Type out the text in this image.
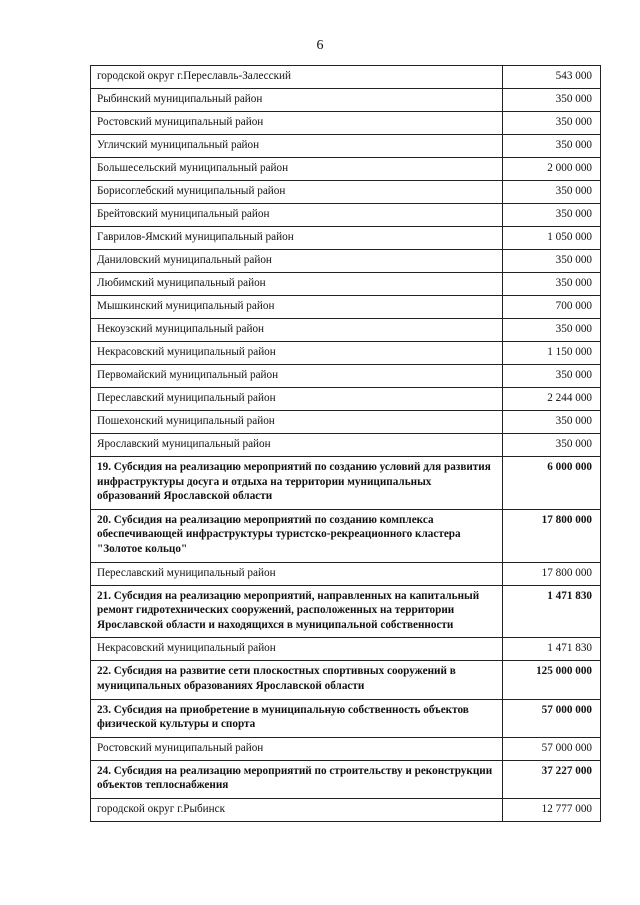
6
городской округ г.Переславль-Залесский	543 000
Рыбинский муниципальный район	350 000
Ростовский муниципальный район	350 000
Угличский муниципальный район	350 000
Большесельский муниципальный район	2 000 000
Борисоглебский муниципальный район	350 000
Брейтовский муниципальный район	350 000
Гаврилов-Ямский муниципальный район	1 050 000
Даниловский муниципальный район	350 000
Любимский муниципальный район	350 000
Мышкинский муниципальный район	700 000
Некоузский муниципальный район	350 000
Некрасовский муниципальный район	1 150 000
Первомайский муниципальный район	350 000
Переславский муниципальный район	2 244 000
Пошехонский муниципальный район	350 000
Ярославский муниципальный район	350 000
19. Субсидия на реализацию мероприятий по созданию условий для развития инфраструктуры досуга и отдыха на территории муниципальных образований Ярославской области	6 000 000
20. Субсидия на реализацию мероприятий по созданию комплекса обеспечивающей инфраструктуры туристско-рекреационного кластера "Золотое кольцо"	17 800 000
Переславский муниципальный район	17 800 000
21. Субсидия на реализацию мероприятий, направленных на капитальный ремонт гидротехнических сооружений, расположенных на территории Ярославской области и находящихся в муниципальной собственности	1 471 830
Некрасовский муниципальный район	1 471 830
22. Субсидия на развитие сети плоскостных спортивных сооружений в муниципальных образованиях Ярославской области	125 000 000
23. Субсидия на приобретение в муниципальную собственность объектов физической культуры и спорта	57 000 000
Ростовский муниципальный район	57 000 000
24. Субсидия на реализацию мероприятий по строительству и реконструкции объектов теплоснабжения	37 227 000
городской округ г.Рыбинск	12 777 000
